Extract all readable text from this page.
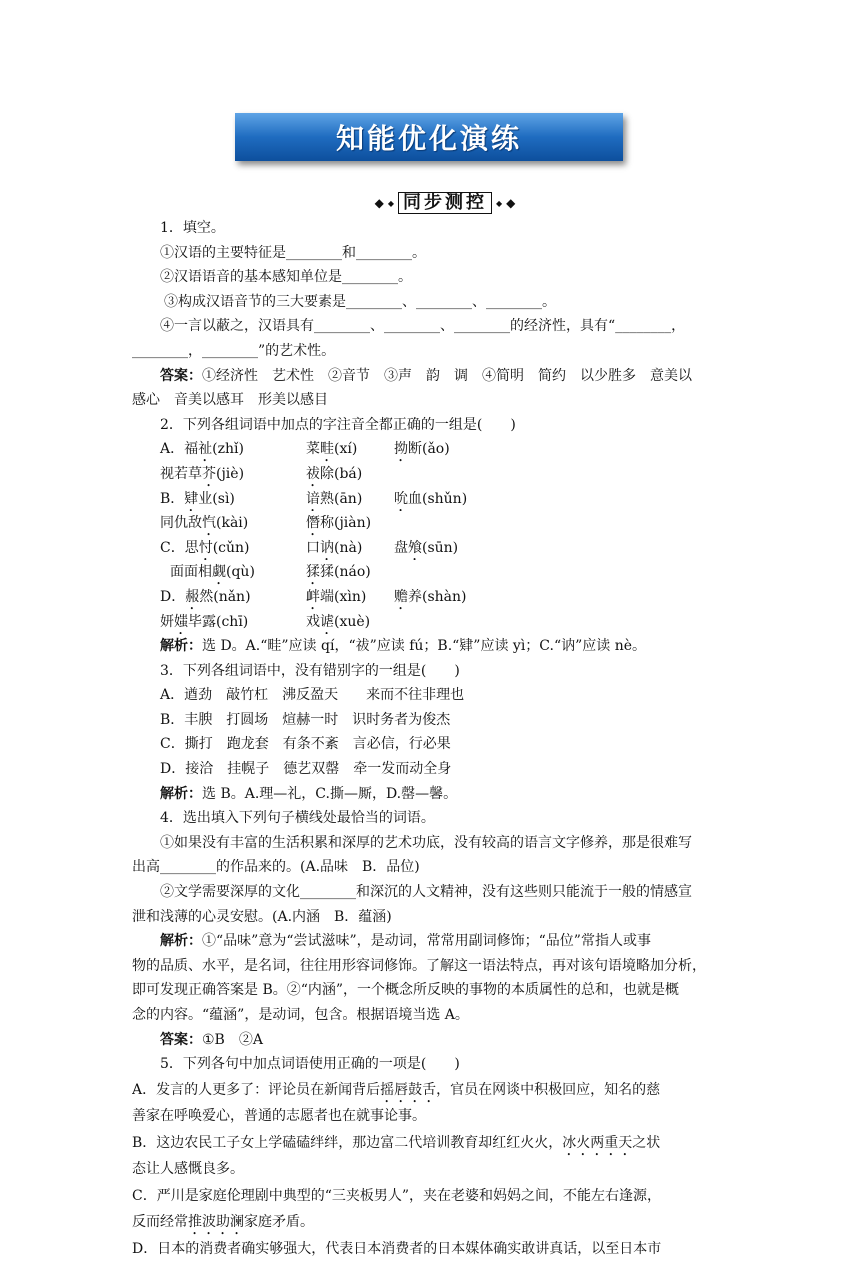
知能优化演练
◆ ◆ 同步测控	◆ ◆
1．填空。
①汉语的主要特征是________和________。
②汉语语音的基本感知单位是________。
③构成汉语音节的三大要素是________、________、________。
④一言以蔽之，汉语具有________、________、________的经济性，具有“________，
________，________”的艺术性。
答案：①经济性　艺术性　②音节　③声　韵　调　④简明　简约　以少胜多　意美以
感心　音美以感耳　形美以感目
2．下列各组词语中加点的字注音全都正确的一组是(　　)
A．福祉(zhǐ)	菜畦(xí)	拗断(ǎo)
视若草芥(jiè)	祓除(bá)
B．肄业(sì)	谙熟(ān) 吮血(shǔn)
同仇敌忾(kài)	僭称(jiàn)
C．思忖(cǔn)	口讷(nà) 盘飧(sūn)
面面相觑(qù)	猱猱(náo)
D．赧然(nǎn)	衅端(xìn) 赡养(shàn)
妍媸毕露(chī)	戏谑(xuè)
解析：选 D。A.“畦”应读 qí，“祓”应读 fú；B.“肄”应读 yì；C.“讷”应读 nè。
3．下列各组词语中，没有错别字的一组是(　　)
A．遒劲　敲竹杠　沸反盈天　　来而不往非理也
B．丰腴　打圆场　煊赫一时　识时务者为俊杰
C．撕打　跑龙套　有条不紊　言必信，行必果
D．接洽　挂幌子　德艺双罄　牵一发而动全身
解析：选 B。A.理—礼，C.撕—厮，D.罄—馨。
4．选出填入下列句子横线处最恰当的词语。
①如果没有丰富的生活积累和深厚的艺术功底，没有较高的语言文字修养，那是很难写
出高________的作品来的。(A.品味　B．品位)
②文学需要深厚的文化________和深沉的人文精神，没有这些则只能流于一般的情感宣
泄和浅薄的心灵安慰。(A.内涵　B．蕴涵)
解析：①“品味”意为“尝试滋味”，是动词，常常用副词修饰；“品位”常指人或事
物的品质、水平，是名词，往往用形容词修饰。了解这一语法特点，再对该句语境略加分析，
即可发现正确答案是 B。②“内涵”，一个概念所反映的事物的本质属性的总和，也就是概
念的内容。“蕴涵”，是动词，包含。根据语境当选 A。
答案：①B　②A
5．下列各句中加点词语使用正确的一项是(　　)
A．发言的人更多了：评论员在新闻背后摇唇鼓舌，官员在网谈中积极回应，知名的慈
善家在呼唤爱心，普通的志愿者也在就事论事。
B．这边农民工子女上学磕磕绊绊，那边富二代培训教育却红红火火，冰火两重天之状
态让人感慨良多。
C．严川是家庭伦理剧中典型的“三夹板男人”，夹在老婆和妈妈之间，不能左右逢源，
反而经常推波助澜家庭矛盾。
D．日本的消费者确实够强大，代表日本消费者的日本媒体确实敢讲真话，以至日本市
